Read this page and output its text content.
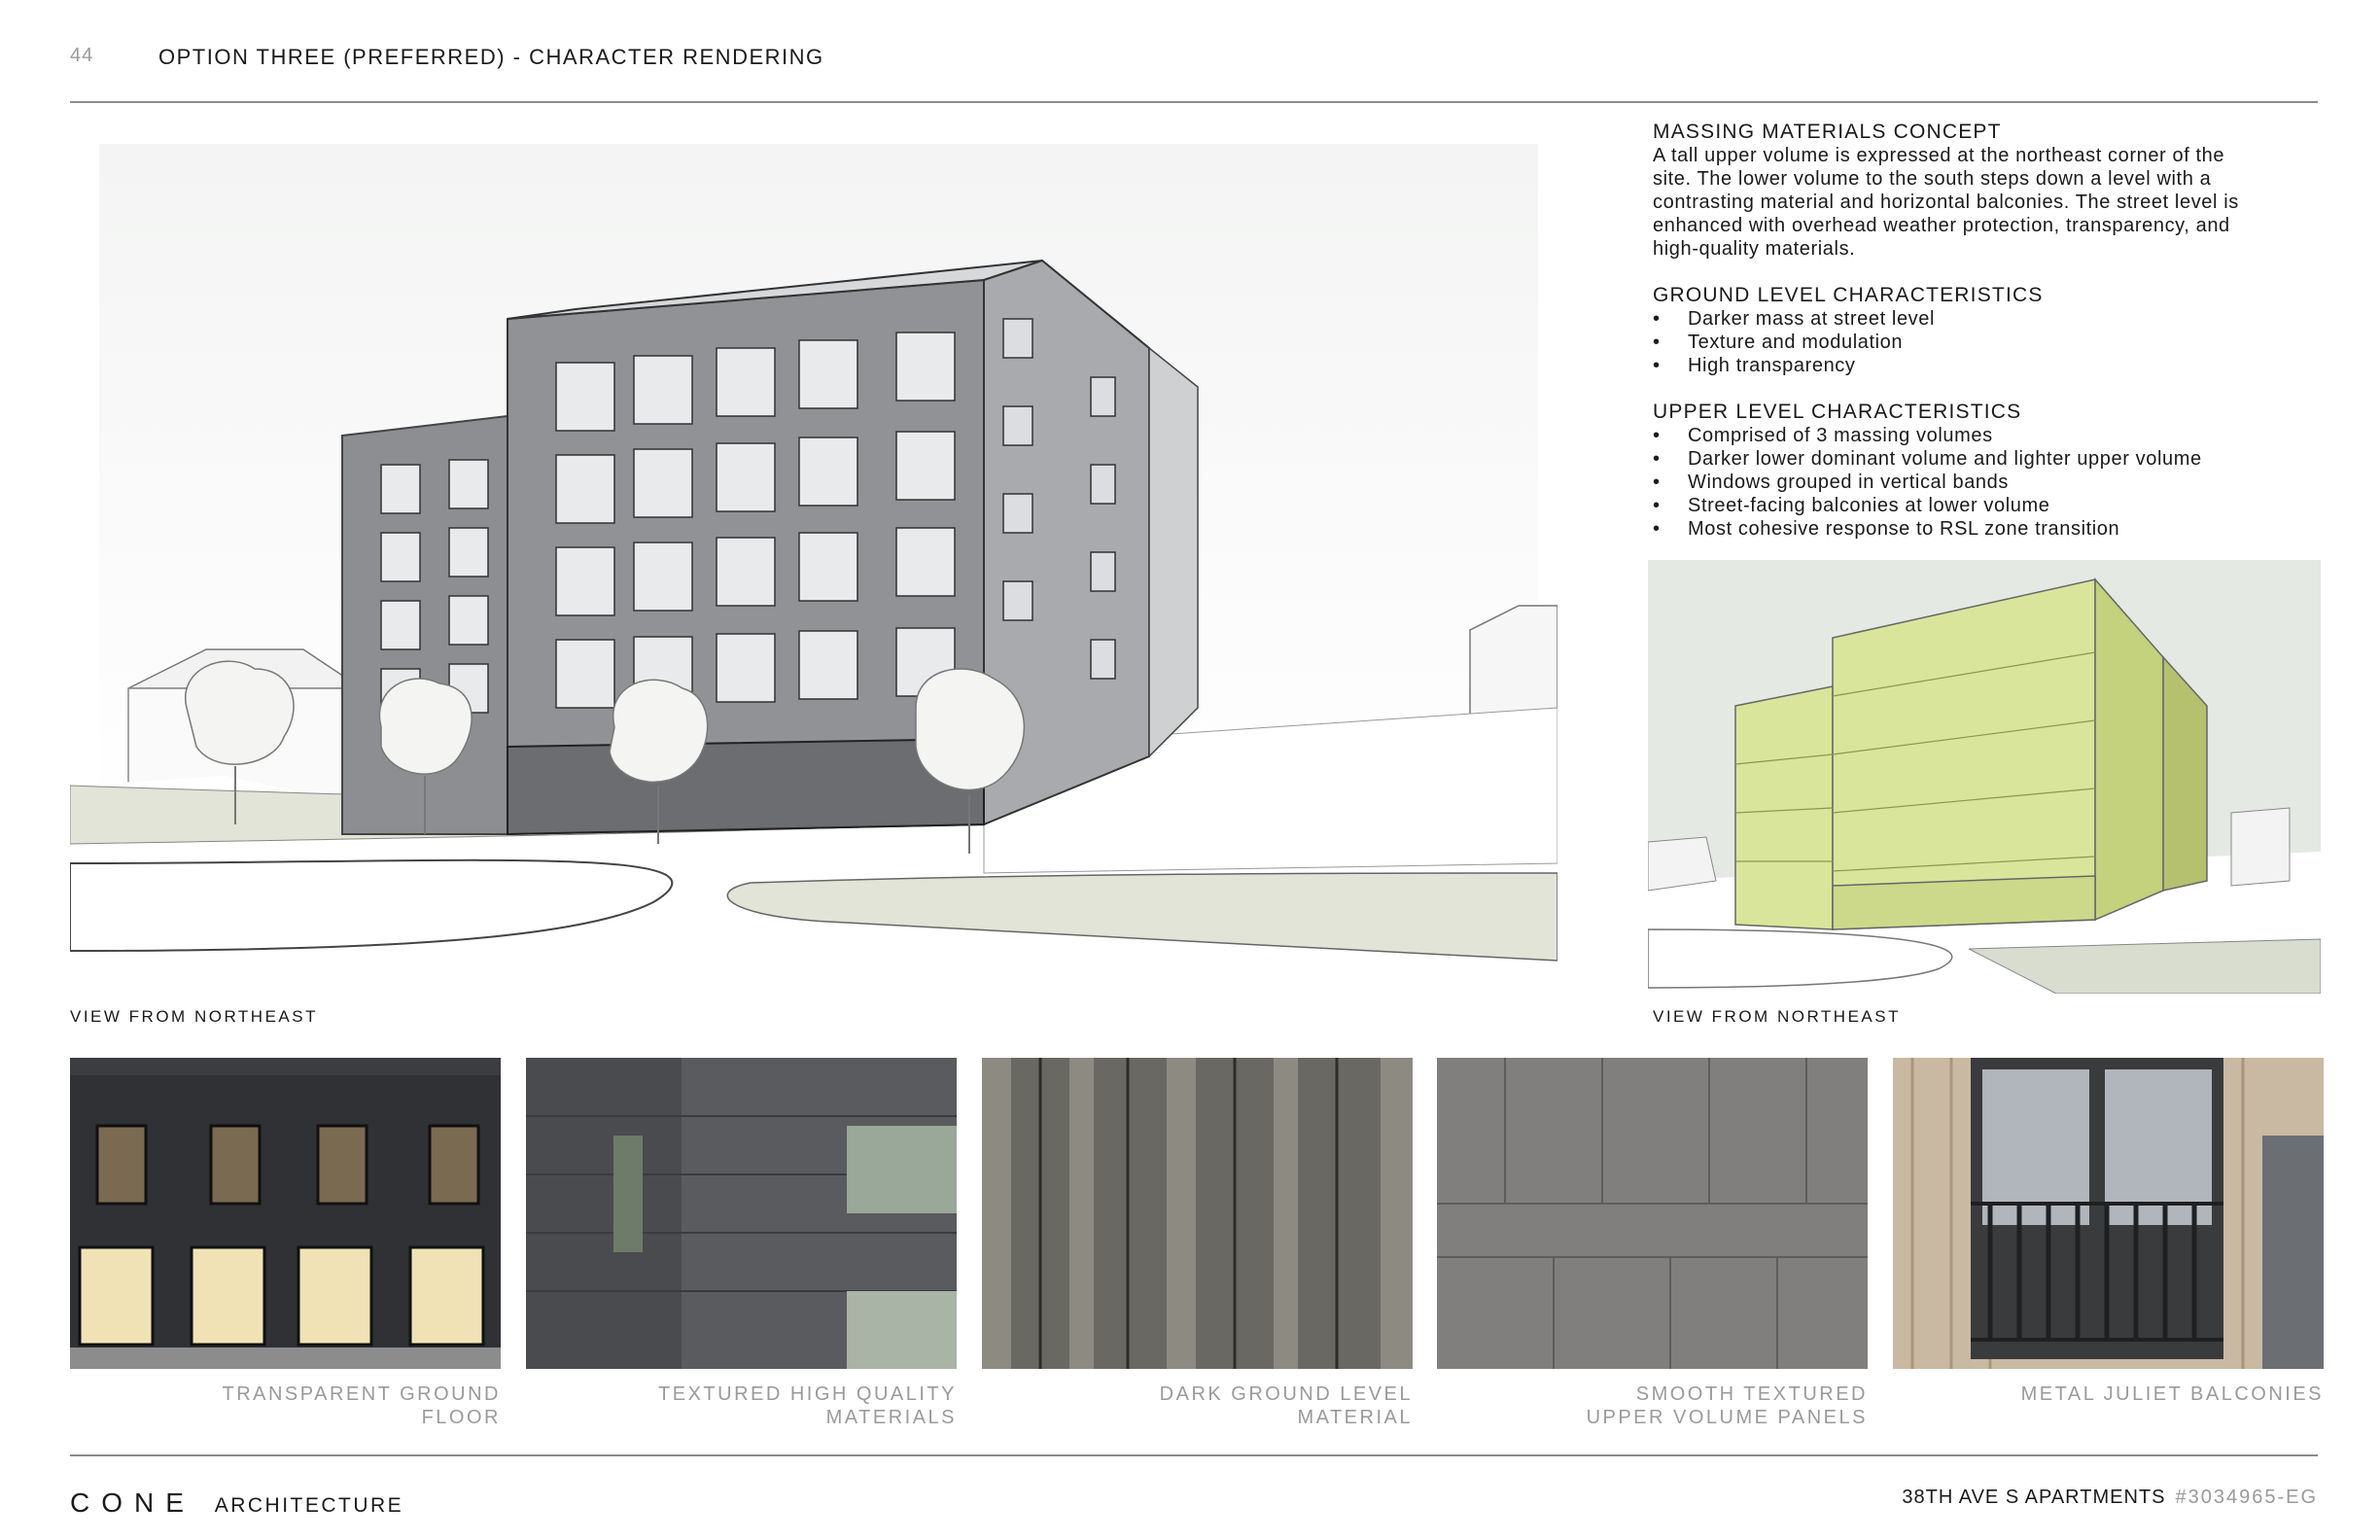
44	OPTION THREE (PREFERRED) - CHARACTER RENDERING
VIEW FROM NORTHEAST
MASSING MATERIALS CONCEPT

A tall upper volume is expressed at the northeast corner of the
site. The lower volume to the south steps down a level with a
contrasting material and horizontal balconies. The street level is
enhanced with overhead weather protection, transparency, and
high-quality materials.

GROUND LEVEL CHARACTERISTICS
• Darker mass at street level
• Texture and modulation
• High transparency
UPPER LEVEL CHARACTERISTICS
• Comprised of 3 massing volumes
• Darker lower dominant volume and lighter upper volume
• Windows grouped in vertical bands
• Street-facing balconies at lower volume
• Most cohesive response to RSL zone transition
VIEW FROM NORTHEAST
TRANSPARENT GROUND
FLOOR
TEXTURED HIGH QUALITY
MATERIALS
DARK GROUND LEVEL
MATERIAL
SMOOTH TEXTURED
UPPER VOLUME PANELS
METAL JULIET BALCONIES

CONE ARCHITECTURE	38TH AVE S APARTMENTS #3034965-EG
